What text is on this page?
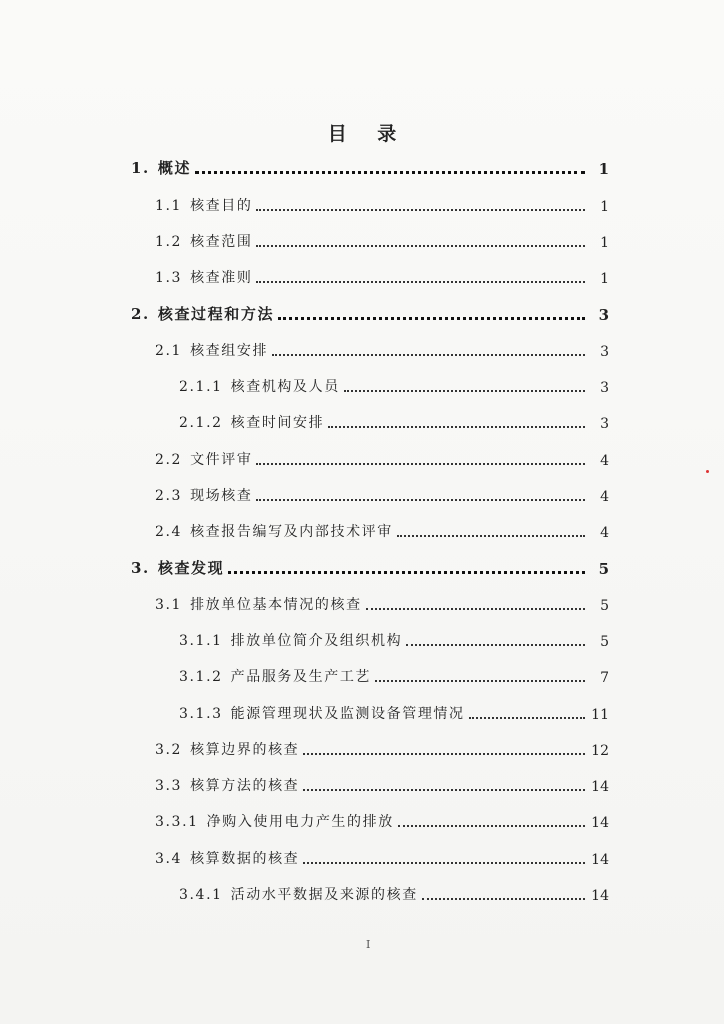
目 录
1. 概述	1
1.1 核查目的	1
1.2 核查范围	1
1.3 核查准则	1
2. 核查过程和方法	3
2.1 核查组安排	3
2.1.1 核查机构及人员	3
2.1.2 核查时间安排	3
2.2 文件评审	4
2.3 现场核查	4
2.4 核查报告编写及内部技术评审	4
3. 核查发现	5
3.1 排放单位基本情况的核查	5
3.1.1 排放单位简介及组织机构	5
3.1.2 产品服务及生产工艺	7
3.1.3 能源管理现状及监测设备管理情况	11
3.2 核算边界的核查	12
3.3 核算方法的核查	14
3.3.1 净购入使用电力产生的排放	14
3.4 核算数据的核查	14
3.4.1 活动水平数据及来源的核查	14
I
